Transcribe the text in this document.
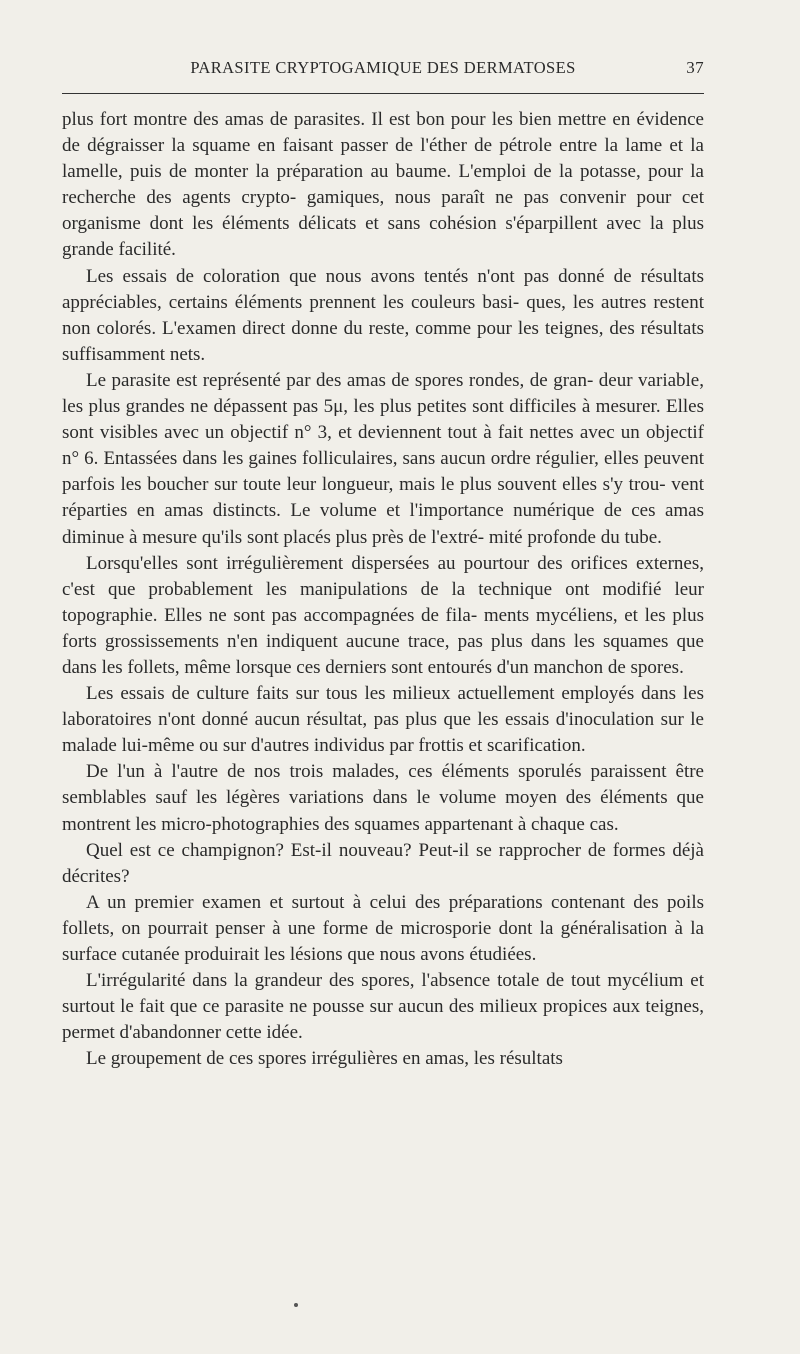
PARASITE CRYPTOGAMIQUE DES DERMATOSES	37

plus fort montre des amas de parasites. Il est bon pour les bien mettre en évidence de dégraisser la squame en faisant passer de l'éther de pétrole entre la lame et la lamelle, puis de monter la préparation au baume. L'emploi de la potasse, pour la recherche des agents crypto- gamiques, nous paraît ne pas convenir pour cet organisme dont les éléments délicats et sans cohésion s'éparpillent avec la plus grande facilité.

Les essais de coloration que nous avons tentés n'ont pas donné de résultats appréciables, certains éléments prennent les couleurs basi- ques, les autres restent non colorés. L'examen direct donne du reste, comme pour les teignes, des résultats suffisamment nets.

Le parasite est représenté par des amas de spores rondes, de gran- deur variable, les plus grandes ne dépassent pas 5μ, les plus petites sont difficiles à mesurer. Elles sont visibles avec un objectif n° 3, et deviennent tout à fait nettes avec un objectif n° 6. Entassées dans les gaines folliculaires, sans aucun ordre régulier, elles peuvent parfois les boucher sur toute leur longueur, mais le plus souvent elles s'y trou- vent réparties en amas distincts. Le volume et l'importance numérique de ces amas diminue à mesure qu'ils sont placés plus près de l'extré- mité profonde du tube.

Lorsqu'elles sont irrégulièrement dispersées au pourtour des orifices externes, c'est que probablement les manipulations de la technique ont modifié leur topographie. Elles ne sont pas accompagnées de fila- ments mycéliens, et les plus forts grossissements n'en indiquent aucune trace, pas plus dans les squames que dans les follets, même lorsque ces derniers sont entourés d'un manchon de spores.

Les essais de culture faits sur tous les milieux actuellement employés dans les laboratoires n'ont donné aucun résultat, pas plus que les essais d'inoculation sur le malade lui-même ou sur d'autres individus par frottis et scarification.

De l'un à l'autre de nos trois malades, ces éléments sporulés paraissent être semblables sauf les légères variations dans le volume moyen des éléments que montrent les micro-photographies des squames appartenant à chaque cas.

Quel est ce champignon? Est-il nouveau? Peut-il se rapprocher de formes déjà décrites?

A un premier examen et surtout à celui des préparations contenant des poils follets, on pourrait penser à une forme de microsporie dont la généralisation à la surface cutanée produirait les lésions que nous avons étudiées.

L'irrégularité dans la grandeur des spores, l'absence totale de tout mycélium et surtout le fait que ce parasite ne pousse sur aucun des milieux propices aux teignes, permet d'abandonner cette idée.

Le groupement de ces spores irrégulières en amas, les résultats
